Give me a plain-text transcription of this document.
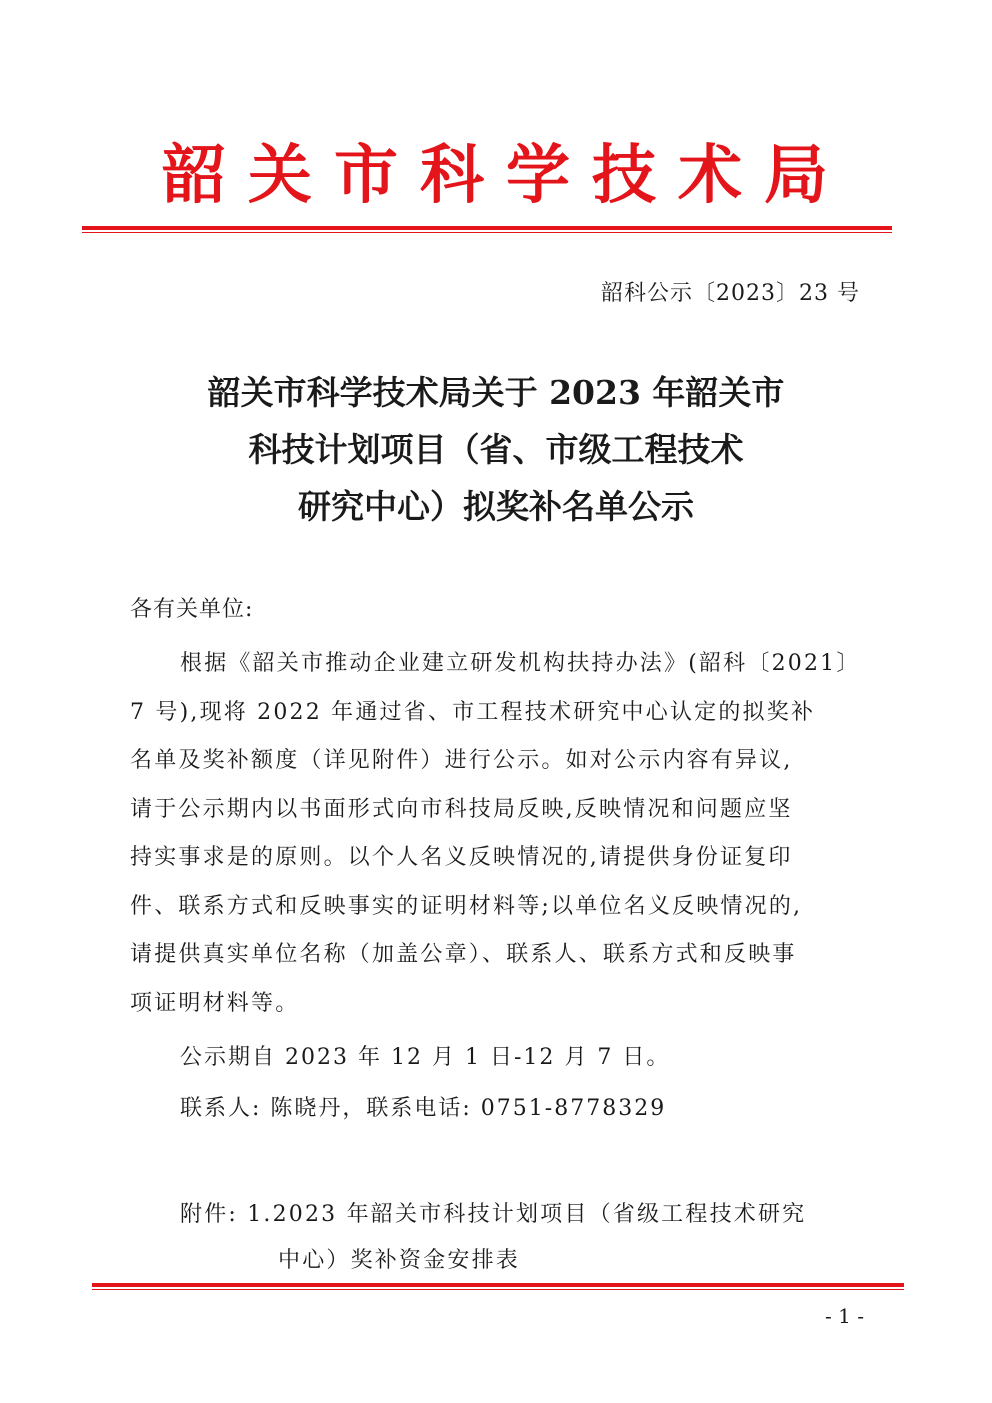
韶关市科学技术局
韶科公示〔2023〕23 号
韶关市科学技术局关于 2023 年韶关市
科技计划项目（省、市级工程技术
研究中心）拟奖补名单公示
各有关单位:
根据《韶关市推动企业建立研发机构扶持办法》(韶科〔2021〕
7 号),现将 2022 年通过省、市工程技术研究中心认定的拟奖补
名单及奖补额度（详见附件）进行公示。如对公示内容有异议,
请于公示期内以书面形式向市科技局反映,反映情况和问题应坚
持实事求是的原则。以个人名义反映情况的,请提供身份证复印
件、联系方式和反映事实的证明材料等;以单位名义反映情况的,
请提供真实单位名称（加盖公章）、联系人、联系方式和反映事
项证明材料等。
公示期自 2023 年 12 月 1 日-12 月 7 日。
联系人: 陈晓丹，联系电话: 0751-8778329
附件: 1.2023 年韶关市科技计划项目（省级工程技术研究
中心）奖补资金安排表
- 1 -
